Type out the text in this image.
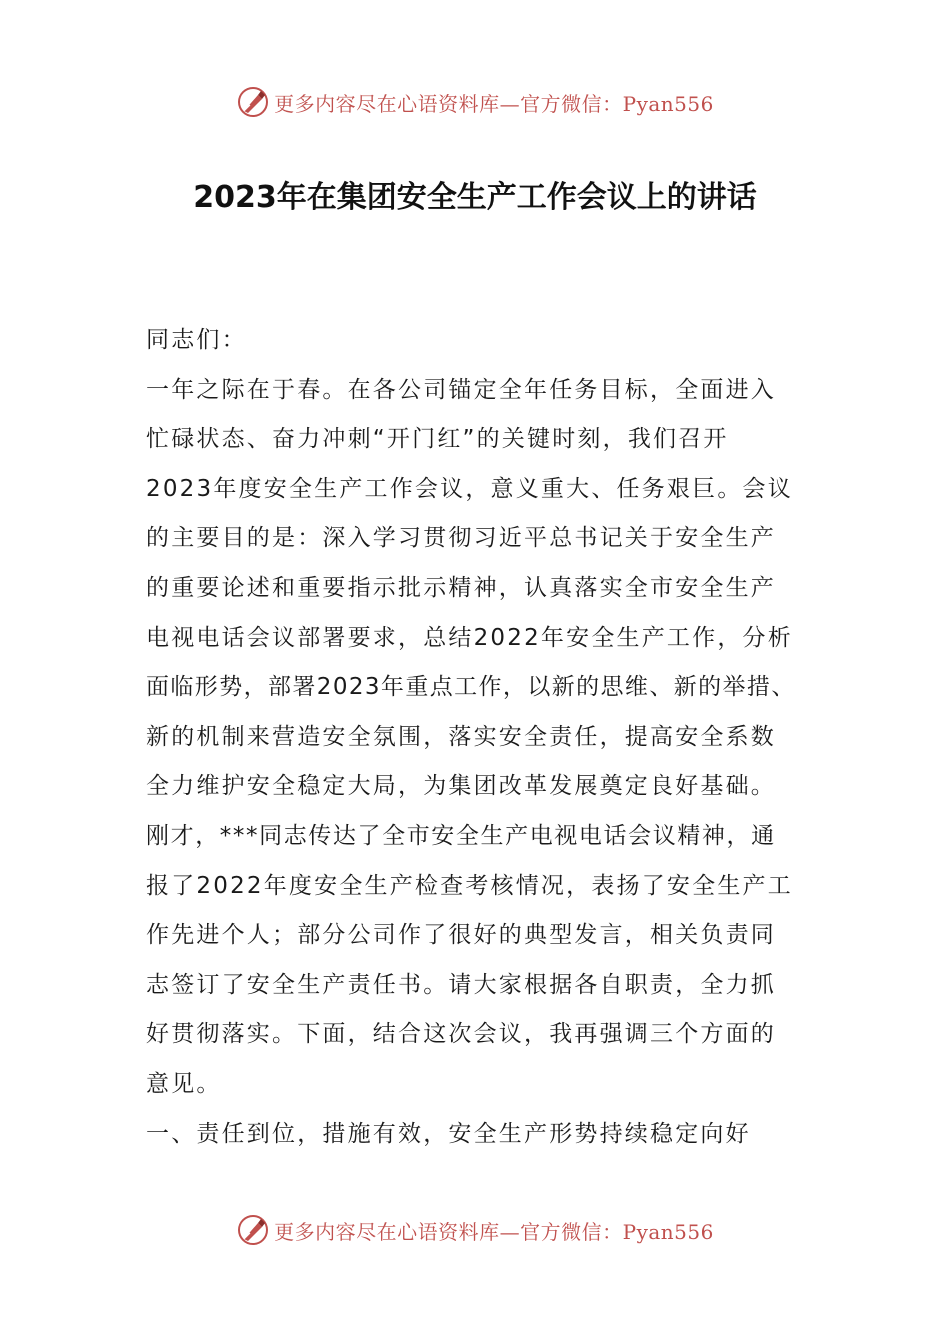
更多内容尽在心语资料库—官方微信：Pyan556
2023年在集团安全生产工作会议上的讲话

同志们：

一年之际在于春。在各公司锚定全年任务目标，全面进入

忙碌状态、奋力冲刺“开门红”的关键时刻，我们召开

2023年度安全生产工作会议，意义重大、任务艰巨。会议

的主要目的是：深入学习贯彻习近平总书记关于安全生产

的重要论述和重要指示批示精神，认真落实全市安全生产

电视电话会议部署要求，总结2022年安全生产工作，分析

面临形势，部署2023年重点工作，以新的思维、新的举措、

新的机制来营造安全氛围，落实安全责任，提高安全系数

全力维护安全稳定大局，为集团改革发展奠定良好基础。

刚才，***同志传达了全市安全生产电视电话会议精神，通

报了2022年度安全生产检查考核情况，表扬了安全生产工

作先进个人；部分公司作了很好的典型发言，相关负责同

志签订了安全生产责任书。请大家根据各自职责，全力抓

好贯彻落实。下面，结合这次会议，我再强调三个方面的

意见。

一、责任到位，措施有效，安全生产形势持续稳定向好

更多内容尽在心语资料库—官方微信：Pyan556
